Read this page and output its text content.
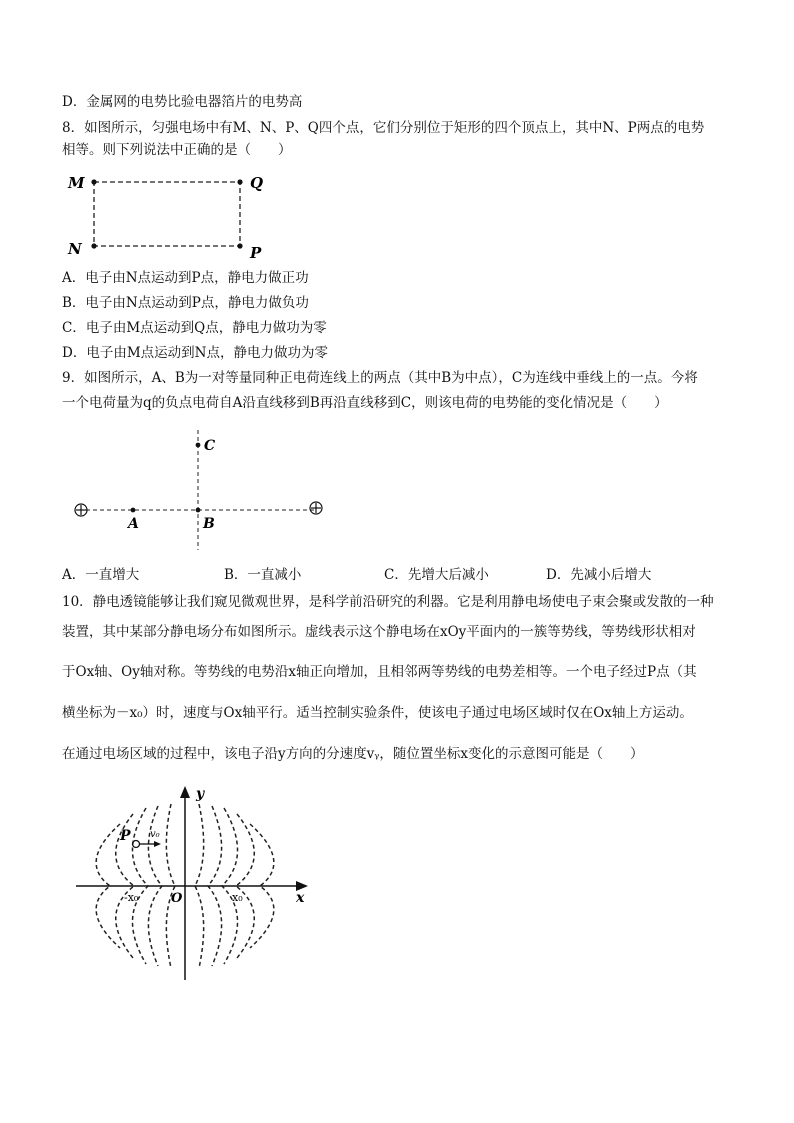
D．金属网的电势比验电器箔片的电势高
8．如图所示，匀强电场中有M、N、P、Q四个点，它们分别位于矩形的四个顶点上，其中N、P两点的电势
相等。则下列说法中正确的是（　　）
M	Q
N	P
A．电子由N点运动到P点，静电力做正功
B．电子由N点运动到P点，静电力做负功
C．电子由M点运动到Q点，静电力做功为零
D．电子由M点运动到N点，静电力做功为零
9．如图所示，A、B为一对等量同种正电荷连线上的两点（其中B为中点），C为连线中垂线上的一点。今将
一个电荷量为q的负点电荷自A沿直线移到B再沿直线移到C，则该电荷的电势能的变化情况是（　　）
A	B
C
A．一直增大	B．一直减小	C．先增大后减小	D．先减小后增大
10．静电透镜能够让我们窥见微观世界，是科学前沿研究的利器。它是利用静电场使电子束会聚或发散的一种
装置，其中某部分静电场分布如图所示。虚线表示这个静电场在xOy平面内的一簇等势线，等势线形状相对
于Ox轴、Oy轴对称。等势线的电势沿x轴正向增加，且相邻两等势线的电势差相等。一个电子经过P点（其
横坐标为－x₀）时，速度与Ox轴平行。适当控制实验条件，使该电子通过电场区域时仅在Ox轴上方运动。
在通过电场区域的过程中，该电子沿y方向的分速度vᵧ，随位置坐标x变化的示意图可能是（　　）
y
x
O
-x₀	x₀
P v₀
